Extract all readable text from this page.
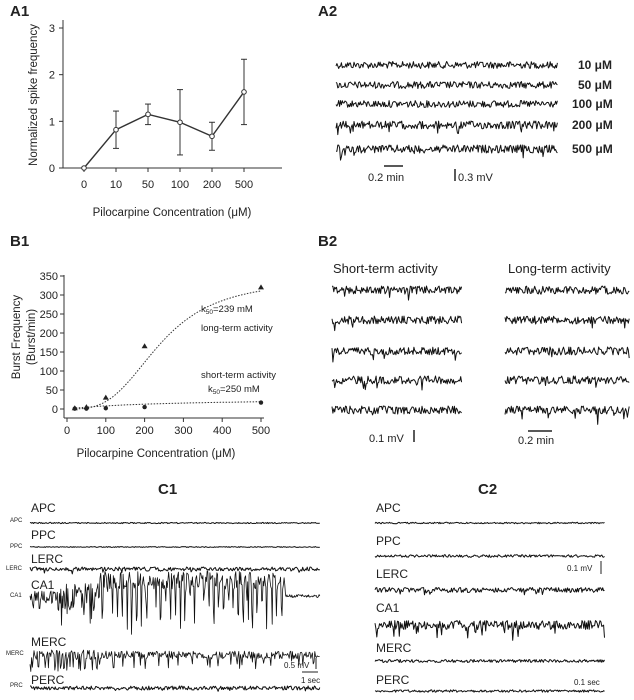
A1
0
1
2
3
0 10 50 100 200 500
Pilocarpine Concentration (μM)
Normalized spike frequency
A2
10 μM
50 μM
100 μM
200 μM
500 μM
0.2 min	0.3 mV
B1
0
50
100
150
200
250
300
350
0 100 200 300 400 500
Burst Frequency (Burst/min)
Pilocarpine Concentration (μM)
$k_{50}=239$ mM
long-term activity
short-term activity
$k_{50}=250$ mM
B2
Short-term activity	Long-term activity
0.1 mV	0.2 min
C1
APC
PPC
LERC
CA1
MERC
PERC
APC
PPC
LERC
CA1
MERC
PRC
0.5 mV
1 sec
C2
APC
PPC
LERC
CA1
MERC
PERC
0.1 mV
0.1 sec
